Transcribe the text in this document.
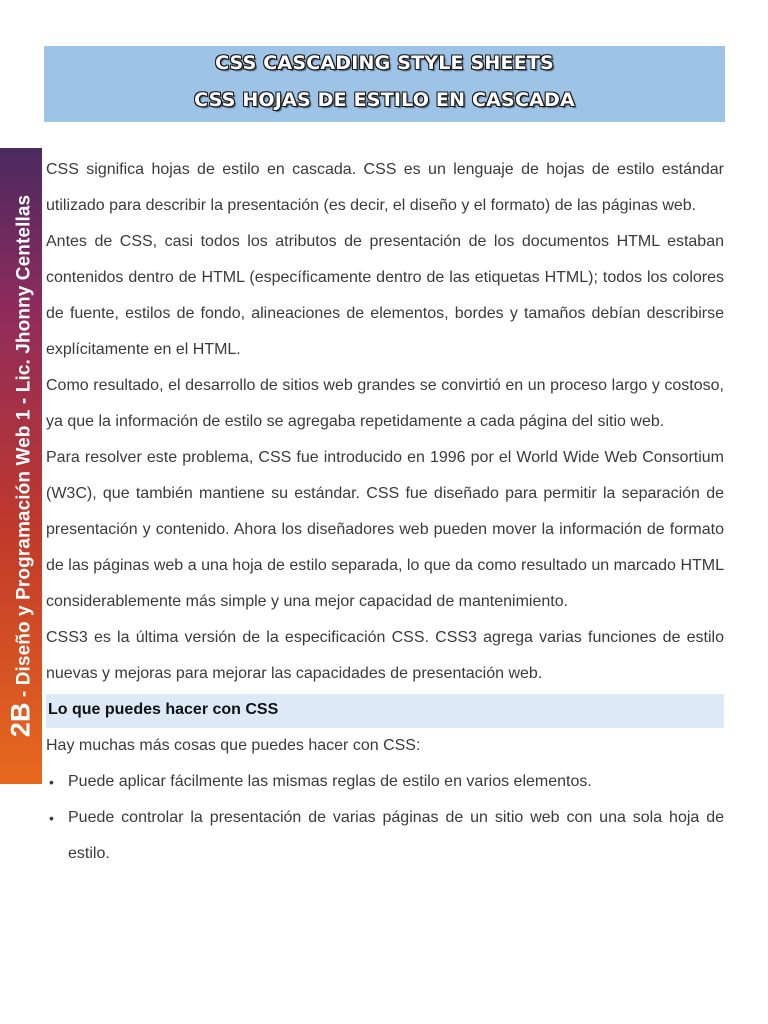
CSS CASCADING STYLE SHEETS
CSS HOJAS DE ESTILO EN CASCADA
2B - Diseño y Programación Web 1 - Lic. Jhonny Centellas

CSS significa hojas de estilo en cascada. CSS es un lenguaje de hojas de estilo estándar utilizado para describir la presentación (es decir, el diseño y el formato) de las páginas web.

Antes de CSS, casi todos los atributos de presentación de los documentos HTML estaban contenidos dentro de HTML (específicamente dentro de las etiquetas HTML); todos los colores de fuente, estilos de fondo, alineaciones de elementos, bordes y tamaños debían describirse explícitamente en el HTML.

Como resultado, el desarrollo de sitios web grandes se convirtió en un proceso largo y costoso, ya que la información de estilo se agregaba repetidamente a cada página del sitio web.

Para resolver este problema, CSS fue introducido en 1996 por el World Wide Web Consortium (W3C), que también mantiene su estándar. CSS fue diseñado para permitir la separación de presentación y contenido. Ahora los diseñadores web pueden mover la información de formato de las páginas web a una hoja de estilo separada, lo que da como resultado un marcado HTML considerablemente más simple y una mejor capacidad de mantenimiento.

CSS3 es la última versión de la especificación CSS. CSS3 agrega varias funciones de estilo nuevas y mejoras para mejorar las capacidades de presentación web.

Lo que puedes hacer con CSS

Hay muchas más cosas que puedes hacer con CSS:

• Puede aplicar fácilmente las mismas reglas de estilo en varios elementos.
• Puede controlar la presentación de varias páginas de un sitio web con una sola hoja de estilo.
